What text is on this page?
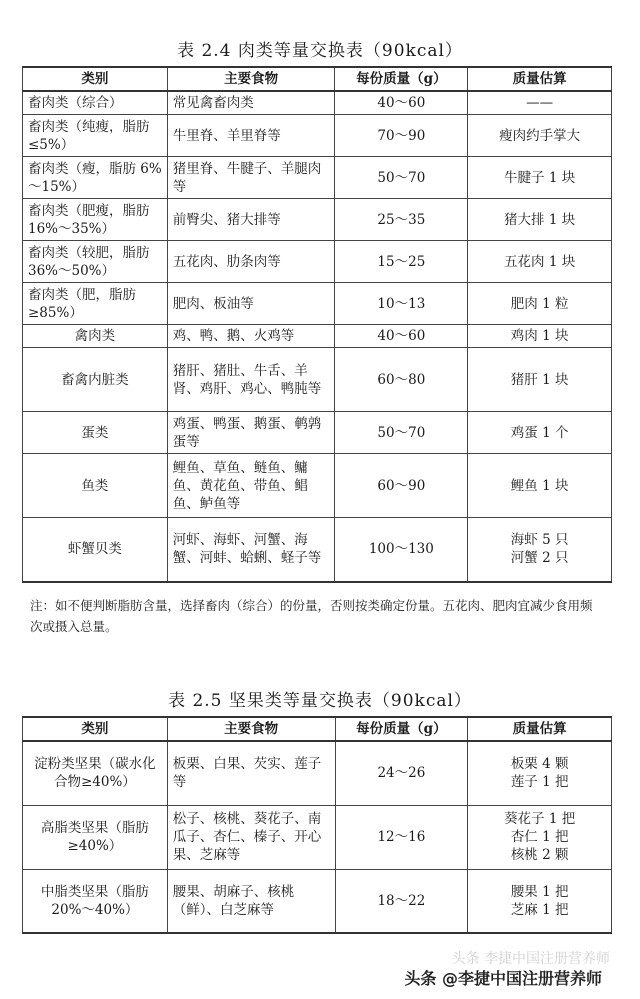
表 2.4 肉类等量交换表（90kcal）
类别	主要食物	每份质量（g）	质量估算
畜肉类（综合）	常见禽畜肉类	40～60	——
畜肉类（纯瘦，脂肪≤5%）	牛里脊、羊里脊等	70～90	瘦肉约手掌大
畜肉类（瘦，脂肪 6%～15%）	猪里脊、牛腱子、羊腿肉等	50～70	牛腱子 1 块
畜肉类（肥瘦，脂肪 16%～35%）	前臀尖、猪大排等	25～35	猪大排 1 块
畜肉类（较肥，脂肪 36%～50%）	五花肉、肋条肉等	15～25	五花肉 1 块
畜肉类（肥，脂肪≥85%）	肥肉、板油等	10～13	肥肉 1 粒
禽肉类	鸡、鸭、鹅、火鸡等	40～60	鸡肉 1 块
畜禽内脏类	猪肝、猪肚、牛舌、羊肾、鸡肝、鸡心、鸭肫等	60～80	猪肝 1 块
蛋类	鸡蛋、鸭蛋、鹅蛋、鹌鹑蛋等	50～70	鸡蛋 1 个
鱼类	鲤鱼、草鱼、鲢鱼、鳙鱼、黄花鱼、带鱼、鲳鱼、鲈鱼等	60～90	鲤鱼 1 块
虾蟹贝类	河虾、海虾、河蟹、海蟹、河蚌、蛤蜊、蛏子等	100～130	海虾 5 只
河蟹 2 只
注：如不便判断脂肪含量，选择畜肉（综合）的份量，否则按类确定份量。五花肉、肥肉宜减少食用频次或摄入总量。
表 2.5 坚果类等量交换表（90kcal）
类别	主要食物	每份质量（g）	质量估算
淀粉类坚果（碳水化合物≥40%）	板栗、白果、芡实、莲子等	24～26	板栗 4 颗
莲子 1 把
高脂类坚果（脂肪≥40%）	松子、核桃、葵花子、南瓜子、杏仁、榛子、开心果、芝麻等	12～16	葵花子 1 把
杏仁 1 把
核桃 2 颗
中脂类坚果（脂肪 20%～40%）	腰果、胡麻子、核桃（鲜）、白芝麻等	18～22	腰果 1 把
芝麻 1 把
头条 李捷中国注册营养师
头条 @李捷中国注册营养师
